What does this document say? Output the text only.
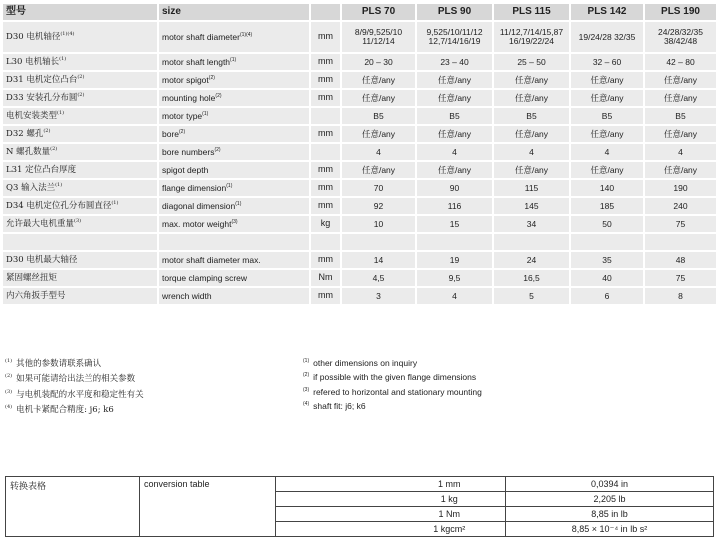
型号	size		PLS 70	PLS 90	PLS 115	PLS 142	PLS 190
D30 电机轴径$^{(1)(4)}$	motor shaft diameter$^{(1)(4)}$	mm	8/9/9,525/10 11/12/14	9,525/10/11/12 12,7/14/16/19	11/12,7/14/15,87 16/19/22/24	19/24/28 32/35	24/28/32/35 38/42/48
L30 电机轴长$^{(1)}$	motor shaft length$^{(1)}$	mm	20 – 30	23 – 40	25 – 50	32 – 60	42 – 80
D31 电机定位凸台$^{(2)}$	motor spigot$^{(2)}$	mm	任意/any	任意/any	任意/any	任意/any	任意/any
D33 安装孔分布圆$^{(2)}$	mounting hole$^{(2)}$	mm	任意/any	任意/any	任意/any	任意/any	任意/any
电机安装类型$^{(1)}$	motor type$^{(1)}$		B5	B5	B5	B5	B5
D32 螺孔$^{(2)}$	bore$^{(2)}$	mm	任意/any	任意/any	任意/any	任意/any	任意/any
N 螺孔数量$^{(2)}$	bore numbers$^{(2)}$		4	4	4	4	4
L31 定位凸台厚度	spigot depth	mm	任意/any	任意/any	任意/any	任意/any	任意/any
Q3 输入法兰$^{(1)}$	flange dimension$^{(1)}$	mm	70	90	115	140	190
D34 电机定位孔分布圆直径$^{(1)}$	diagonal dimension$^{(1)}$	mm	92	116	145	185	240
允许最大电机重量$^{(3)}$	max. motor weight$^{(3)}$	kg	10	15	34	50	75

D30 电机最大轴径	motor shaft diameter max.	mm	14	19	24	35	48
紧固螺丝扭矩	torque clamping screw	Nm	4,5	9,5	16,5	40	75
内六角扳手型号	wrench width	mm	3	4	5	6	8
$^{(1)}$ 其他的参数请联系确认
$^{(2)}$ 如果可能请给出法兰的相关参数
$^{(3)}$ 与电机装配的水平度和稳定性有关
$^{(4)}$ 电机卡紧配合精度: j6; k6
$^{(1)}$ other dimensions on inquiry
$^{(2)}$ if possible with the given flange dimensions
$^{(3)}$ refered to horizontal and stationary mounting
$^{(4)}$ shaft fit: j6; k6
转换表格	conversion table		1 mm	0,0394 in
			1 kg	2,205 lb
			1 Nm	8,85 in lb
			1 kgcm²	8,85 × 10⁻⁴ in lb s²
